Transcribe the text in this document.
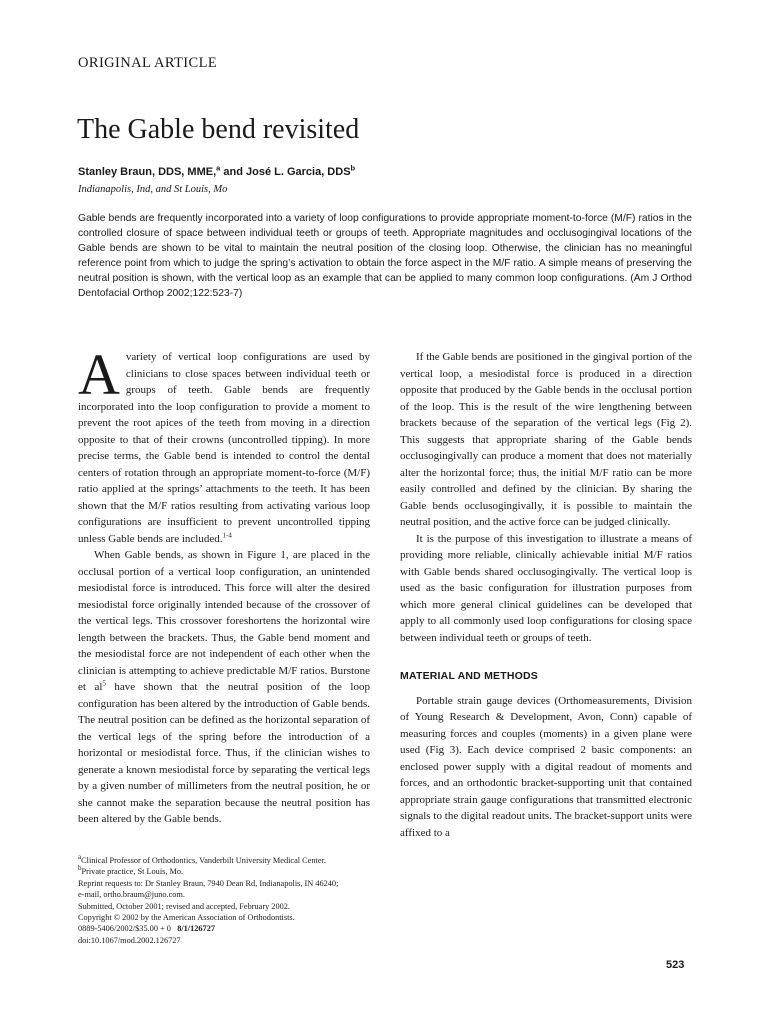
ORIGINAL ARTICLE
The Gable bend revisited
Stanley Braun, DDS, MME,$^a$ and José L. Garcia, DDS$^b$
Indianapolis, Ind, and St Louis, Mo

Gable bends are frequently incorporated into a variety of loop configurations to provide appropriate moment-to-force (M/F) ratios in the controlled closure of space between individual teeth or groups of teeth. Appropriate magnitudes and occlusogingival locations of the Gable bends are shown to be vital to maintain the neutral position of the closing loop. Otherwise, the clinician has no meaningful reference point from which to judge the spring’s activation to obtain the force aspect in the M/F ratio. A simple means of preserving the neutral position is shown, with the vertical loop as an example that can be applied to many common loop configurations. (Am J Orthod Dentofacial Orthop 2002;122:523-7)

A variety of vertical loop configurations are used by clinicians to close spaces between individual teeth or groups of teeth. Gable bends are frequently incorporated into the loop configuration to provide a moment to prevent the root apices of the teeth from moving in a direction opposite to that of their crowns (uncontrolled tipping). In more precise terms, the Gable bend is intended to control the dental centers of rotation through an appropriate moment-to-force (M/F) ratio applied at the springs’ attachments to the teeth. It has been shown that the M/F ratios resulting from activating various loop configurations are insufficient to prevent uncontrolled tipping unless Gable bends are included.$^{1-4}$

When Gable bends, as shown in Figure 1, are placed in the occlusal portion of a vertical loop configuration, an unintended mesiodistal force is introduced. This force will alter the desired mesiodistal force originally intended because of the crossover of the vertical legs. This crossover foreshortens the horizontal wire length between the brackets. Thus, the Gable bend moment and the mesiodistal force are not independent of each other when the clinician is attempting to achieve predictable M/F ratios. Burstone et $al^5$ have shown that the neutral position of the loop configuration has been altered by the introduction of Gable bends. The neutral position can be defined as the horizontal separation of the vertical legs of the spring before the introduction of a horizontal or mesiodistal force. Thus, if the clinician wishes to generate a known mesiodistal force by separating the vertical legs by a given number of millimeters from the neutral position, he or she cannot make the separation because the neutral position has been altered by the Gable bends.

If the Gable bends are positioned in the gingival portion of the vertical loop, a mesiodistal force is produced in a direction opposite that produced by the Gable bends in the occlusal portion of the loop. This is the result of the wire lengthening between brackets because of the separation of the vertical legs (Fig 2). This suggests that appropriate sharing of the Gable bends occlusogingivally can produce a moment that does not materially alter the horizontal force; thus, the initial M/F ratio can be more easily controlled and defined by the clinician. By sharing the Gable bends occlusogingivally, it is possible to maintain the neutral position, and the active force can be judged clinically.

It is the purpose of this investigation to illustrate a means of providing more reliable, clinically achievable initial M/F ratios with Gable bends shared occlusogingivally. The vertical loop is used as the basic configuration for illustration purposes from which more general clinical guidelines can be developed that apply to all commonly used loop configurations for closing space between individual teeth or groups of teeth.

MATERIAL AND METHODS

Portable strain gauge devices (Orthomeasurements, Division of Young Research & Development, Avon, Conn) capable of measuring forces and couples (moments) in a given plane were used (Fig 3). Each device comprised 2 basic components: an enclosed power supply with a digital readout of moments and forces, and an orthodontic bracket-supporting unit that contained appropriate strain gauge configurations that transmitted electronic signals to the digital readout units. The bracket-support units were affixed to a

$^a$Clinical Professor of Orthodontics, Vanderbilt University Medical Center.
$^b$Private practice, St Louis, Mo.
Reprint requests to: Dr Stanley Braun, 7940 Dean Rd, Indianapolis, IN 46240;
e-mail, ortho.braum@juno.com.
Submitted, October 2001; revised and accepted, February 2002.
Copyright © 2002 by the American Association of Orthodontists.
0889-5406/2002/$35.00 + 0 8/1/126727
doi:10.1067/mod.2002.126727
523
